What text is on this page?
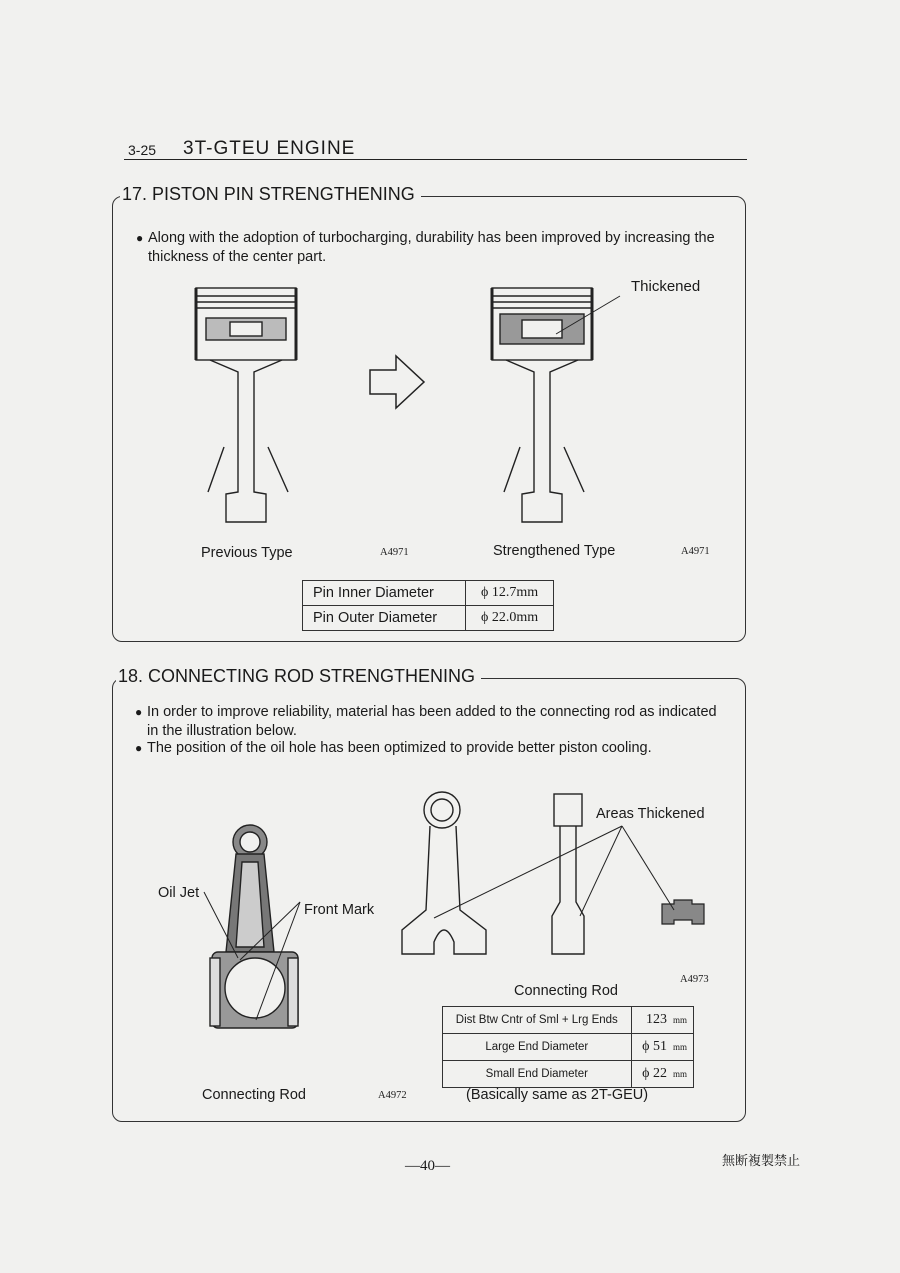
3-25 3T-GTEU ENGINE
17. PISTON PIN STRENGTHENING
● Along with the adoption of turbocharging, durability has been improved by increasing the thickness of the center part.
Thickened
Previous Type	A4971	Strengthened Type	A4971
Pin Inner Diameter	ϕ 12.7mm
Pin Outer Diameter	ϕ 22.0mm
18. CONNECTING ROD STRENGTHENING
● In order to improve reliability, material has been added to the connecting rod as indicated in the illustration below.
● The position of the oil hole has been optimized to provide better piston cooling.
Oil Jet
Front Mark
Areas Thickened
Connecting Rod
A4973
Dist Btw Cntr of Sml + Lrg Ends	123 mm
Large End Diameter	ϕ 51 mm
Small End Diameter	ϕ 22 mm
Connecting Rod	A4972	(Basically same as 2T-GEU)
—40—	無断複製禁止
